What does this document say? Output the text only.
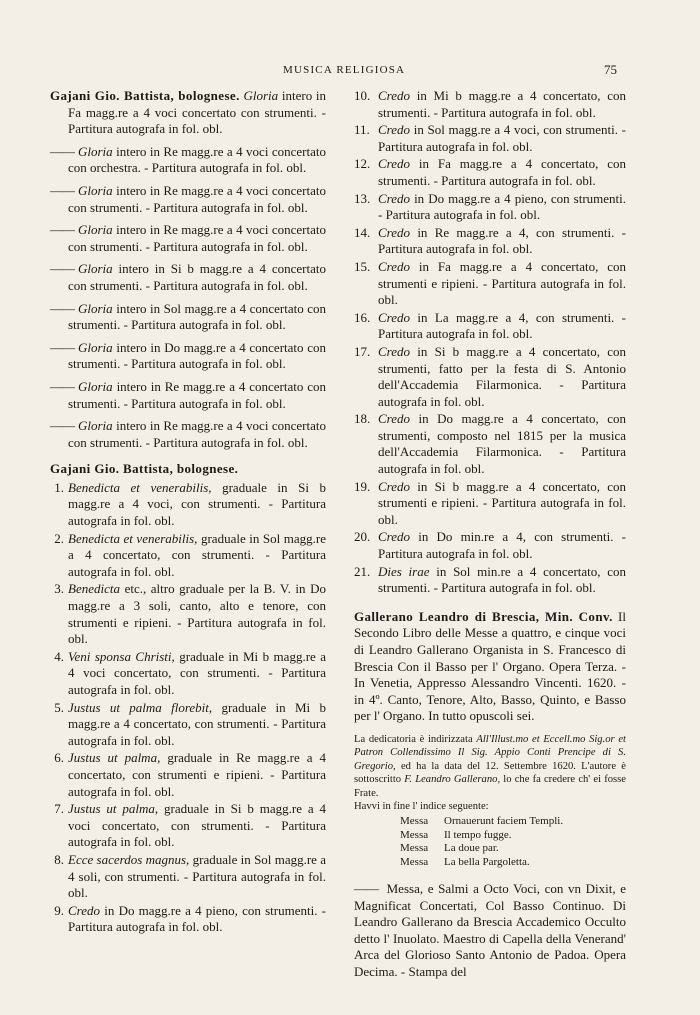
MUSICA RELIGIOSA	75

Gajani Gio. Battista, bolognese. Gloria intero in Fa magg.re a 4 voci concertato con strumenti. - Partitura autografa in fol. obl.

—— Gloria intero in Re magg.re a 4 voci concertato con orchestra. - Partitura autografa in fol. obl.

—— Gloria intero in Re magg.re a 4 voci concertato con strumenti. - Partitura autografa in fol. obl.

—— Gloria intero in Re magg.re a 4 voci concertato con strumenti. - Partitura autografa in fol. obl.

—— Gloria intero in Si b magg.re a 4 concertato con strumenti. - Partitura autografa in fol. obl.

—— Gloria intero in Sol magg.re a 4 concertato con strumenti. - Partitura autografa in fol. obl.

—— Gloria intero in Do magg.re a 4 concertato con strumenti. - Partitura autografa in fol. obl.

—— Gloria intero in Re magg.re a 4 concertato con strumenti. - Partitura autografa in fol. obl.

—— Gloria intero in Re magg.re a 4 voci concertato con strumenti. - Partitura autografa in fol. obl.

Gajani Gio. Battista, bolognese.

1. Benedicta et venerabilis, graduale in Si b magg.re a 4 voci, con strumenti. - Partitura autografa in fol. obl.
2. Benedicta et venerabilis, graduale in Sol magg.re a 4 concertato, con strumenti. - Partitura autografa in fol. obl.
3. Benedicta etc., altro graduale per la B. V. in Do magg.re a 3 soli, canto, alto e tenore, con strumenti e ripieni. - Partitura autografa in fol. obl.
4. Veni sponsa Christi, graduale in Mi b magg.re a 4 voci concertato, con strumenti. - Partitura autografa in fol. obl.
5. Justus ut palma florebit, graduale in Mi b magg.re a 4 concertato, con strumenti. - Partitura autografa in fol. obl.
6. Justus ut palma, graduale in Re magg.re a 4 concertato, con strumenti e ripieni. - Partitura autografa in fol. obl.
7. Justus ut palma, graduale in Si b magg.re a 4 voci concertato, con strumenti. - Partitura autografa in fol. obl.
8. Ecce sacerdos magnus, graduale in Sol magg.re a 4 soli, con strumenti. - Partitura autografa in fol. obl.
9. Credo in Do magg.re a 4 pieno, con strumenti. - Partitura autografa in fol. obl.
10. Credo in Mi b magg.re a 4 concertato, con strumenti. - Partitura autografa in fol. obl.
11. Credo in Sol magg.re a 4 voci, con strumenti. - Partitura autografa in fol. obl.
12. Credo in Fa magg.re a 4 concertato, con strumenti. - Partitura autografa in fol. obl.
13. Credo in Do magg.re a 4 pieno, con strumenti. - Partitura autografa in fol. obl.
14. Credo in Re magg.re a 4, con strumenti. - Partitura autografa in fol. obl.
15. Credo in Fa magg.re a 4 concertato, con strumenti e ripieni. - Partitura autografa in fol. obl.
16. Credo in La magg.re a 4, con strumenti. - Partitura autografa in fol. obl.
17. Credo in Si b magg.re a 4 concertato, con strumenti, fatto per la festa di S. Antonio dell'Accademia Filarmonica. - Partitura autografa in fol. obl.
18. Credo in Do magg.re a 4 concertato, con strumenti, composto nel 1815 per la musica dell'Accademia Filarmonica. - Partitura autografa in fol. obl.
19. Credo in Si b magg.re a 4 concertato, con strumenti e ripieni. - Partitura autografa in fol. obl.
20. Credo in Do min.re a 4, con strumenti. - Partitura autografa in fol. obl.
21. Dies irae in Sol min.re a 4 concertato, con strumenti. - Partitura autografa in fol. obl.

Gallerano Leandro di Brescia, Min. Conv. Il Secondo Libro delle Messe a quattro, e cinque voci di Leandro Gallerano Organista in S. Francesco di Brescia Con il Basso per l' Organo. Opera Terza. - In Venetia, Appresso Alessandro Vincenti. 1620. - in 4º. Canto, Tenore, Alto, Basso, Quinto, e Basso per l' Organo. In tutto opuscoli sei.

La dedicatoria è indirizzata All'Illust.mo et Eccell.mo Sig.or et Patron Collendissimo Il Sig. Appio Conti Prencipe di S. Gregorio, ed ha la data del 12. Settembre 1620. L'autore è sottoscritto F. Leandro Gallerano, lo che fa credere ch' ei fosse Frate.
Havvi in fine l' indice seguente:

Messa Ornauerunt faciem Templi.
Messa Il tempo fugge.
Messa La doue par.
Messa La bella Pargoletta.

—— Messa, e Salmi a Octo Voci, con vn Dixit, e Magnificat Concertati, Col Basso Continuo. Di Leandro Gallerano da Brescia Accademico Occulto detto l' Inuolato. Maestro di Capella della Venerand' Arca del Glorioso Santo Antonio de Padoa. Opera Decima. - Stampa del
